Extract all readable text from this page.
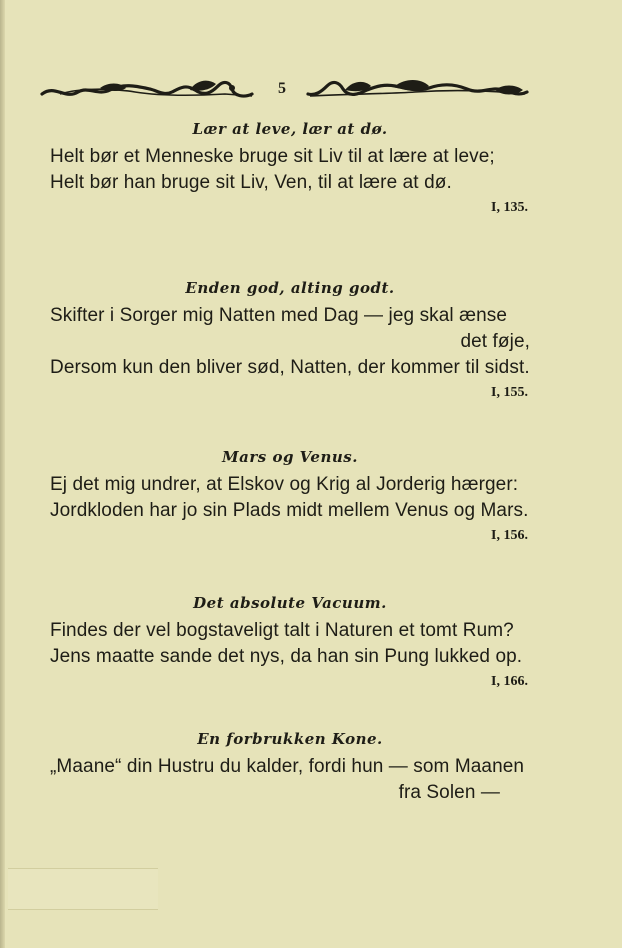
5
Lær at leve, lær at dø.
Helt bør et Menneske bruge sit Liv til at lære at leve;
Helt bør han bruge sit Liv, Ven, til at lære at dø.
I, 135.
Enden god, alting godt.
Skifter i Sorger mig Natten med Dag — jeg skal ænse
det føje,
Dersom kun den bliver sød, Natten, der kommer til sidst.
I, 155.
Mars og Venus.
Ej det mig undrer, at Elskov og Krig al Jorderig hærger:
Jordkloden har jo sin Plads midt mellem Venus og Mars.
I, 156.
Det absolute Vacuum.
Findes der vel bogstaveligt talt i Naturen et tomt Rum?
Jens maatte sande det nys, da han sin Pung lukked op.
I, 166.
En forbrukken Kone.
„Maane“ din Hustru du kalder, fordi hun — som Maanen
fra Solen —
